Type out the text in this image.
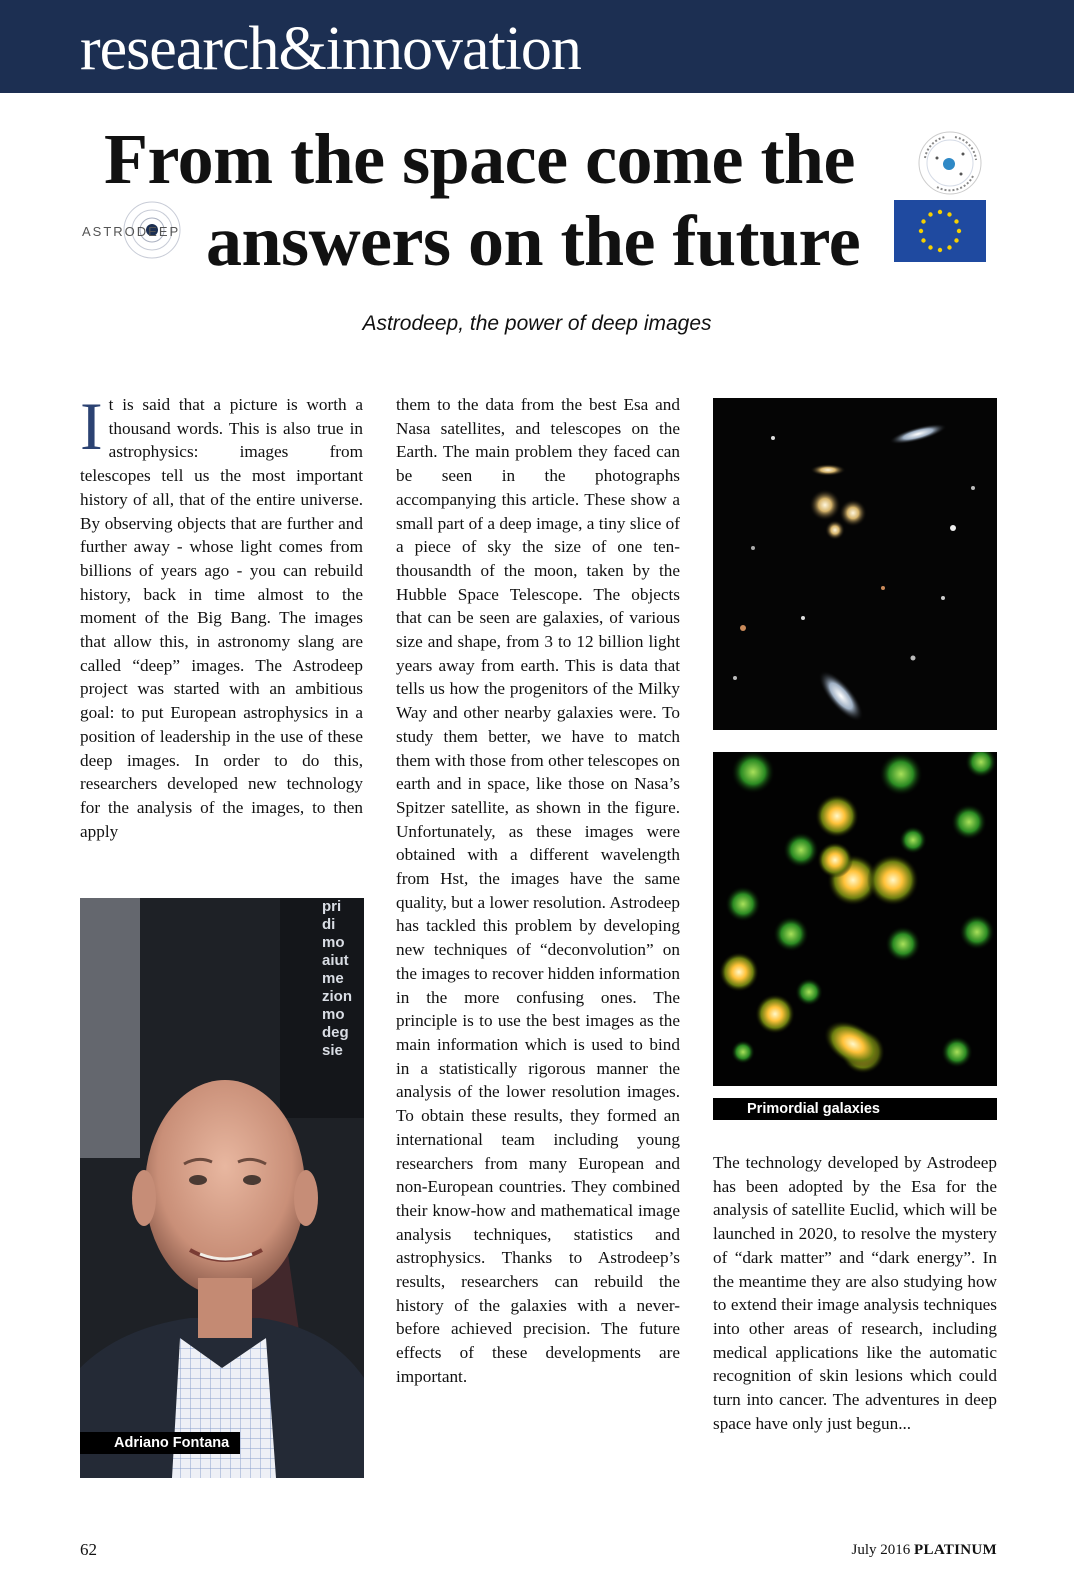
research&innovation
From the space come the
answers on the future
ASTRODEEP
Astrodeep, the power of deep images
It is said that a picture is worth a thousand words. This is also true in astrophysics: images from telescopes tell us the most important history of all, that of the entire universe. By observing objects that are further and further away - whose light comes from billions of years ago - you can rebuild history, back in time almost to the moment of the Big Bang. The images that allow this, in astronomy slang are called “deep” images. The Astrodeep project was started with an ambitious goal: to put European astrophysics in a position of leadership in the use of these deep images. In order to do this, researchers developed new technology for the analysis of the images, to then apply
them to the data from the best Esa and Nasa satellites, and telescopes on the Earth. The main problem they faced can be seen in the photographs accompanying this article. These show a small part of a deep image, a tiny slice of a piece of sky the size of one ten-thousandth of the moon, taken by the Hubble Space Telescope. The objects that can be seen are galaxies, of various size and shape, from 3 to 12 billion light years away from earth. This is data that tells us how the progenitors of the Milky Way and other nearby galaxies were. To study them better, we have to match them with those from other telescopes on earth and in space, like those on Nasa’s Spitzer satellite, as shown in the figure. Unfortunately, as these images were obtained with a different wavelength from Hst, the images have the same quality, but a lower resolution. Astrodeep has tackled this problem by developing new techniques of “deconvolution” on the images to recover hidden information in the more confusing ones. The principle is to use the best images as the main information which is used to bind in a statistically rigorous manner the analysis of the lower resolution images. To obtain these results, they formed an international team including young researchers from many European and non-European countries. They combined their know-how and mathematical image analysis techniques, statistics and astrophysics. Thanks to Astrodeep’s results, researchers can rebuild the history of the galaxies with a never-before achieved precision. The future effects of these developments are important.
The technology developed by Astrodeep has been adopted by the Esa for the analysis of satellite Euclid, which will be launched in 2020, to resolve the mystery of “dark matter” and “dark energy”. In the meantime they are also studying how to extend their image analysis techniques into other areas of research, including medical applications like the automatic recognition of skin lesions which could turn into cancer. The adventures in deep space have only just begun...
pri
di
mo
aiut
me
zion
mo
deg
sie
Adriano Fontana
Primordial galaxies
62	July 2016 PLATINUM
